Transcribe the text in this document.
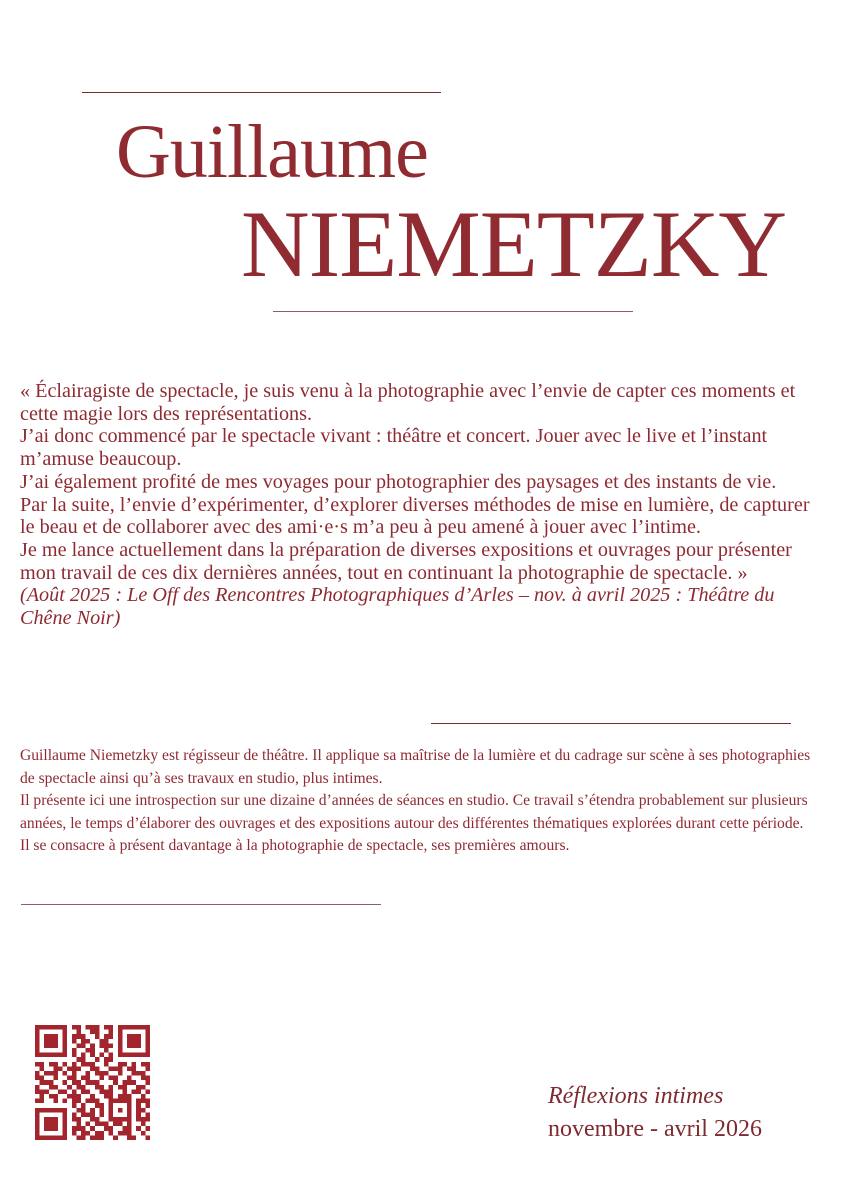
Guillaume
NIEMETZKY

« Éclairagiste de spectacle, je suis venu à la photographie avec l’envie de capter ces moments et cette magie lors des représentations.

J’ai donc commencé par le spectacle vivant : théâtre et concert. Jouer avec le live et l’instant m’amuse beaucoup.

J’ai également profité de mes voyages pour photographier des paysages et des instants de vie.

Par la suite, l’envie d’expérimenter, d’explorer diverses méthodes de mise en lumière, de capturer le beau et de collaborer avec des ami·e·s m’a peu à peu amené à jouer avec l’intime.

Je me lance actuellement dans la préparation de diverses expositions et ouvrages pour présenter mon travail de ces dix dernières années, tout en continuant la photographie de spectacle. »

(Août 2025 : Le Off des Rencontres Photographiques d’Arles – nov. à avril 2025 : Théâtre du Chêne Noir)

Guillaume Niemetzky est régisseur de théâtre. Il applique sa maîtrise de la lumière et du cadrage sur scène à ses photographies de spectacle ainsi qu’à ses travaux en studio, plus intimes.

Il présente ici une introspection sur une dizaine d’années de séances en studio. Ce travail s’étendra probablement sur plusieurs années, le temps d’élaborer des ouvrages et des expositions autour des différentes thématiques explorées durant cette période.

Il se consacre à présent davantage à la photographie de spectacle, ses premières amours.

Réflexions intimes
novembre - avril 2026
